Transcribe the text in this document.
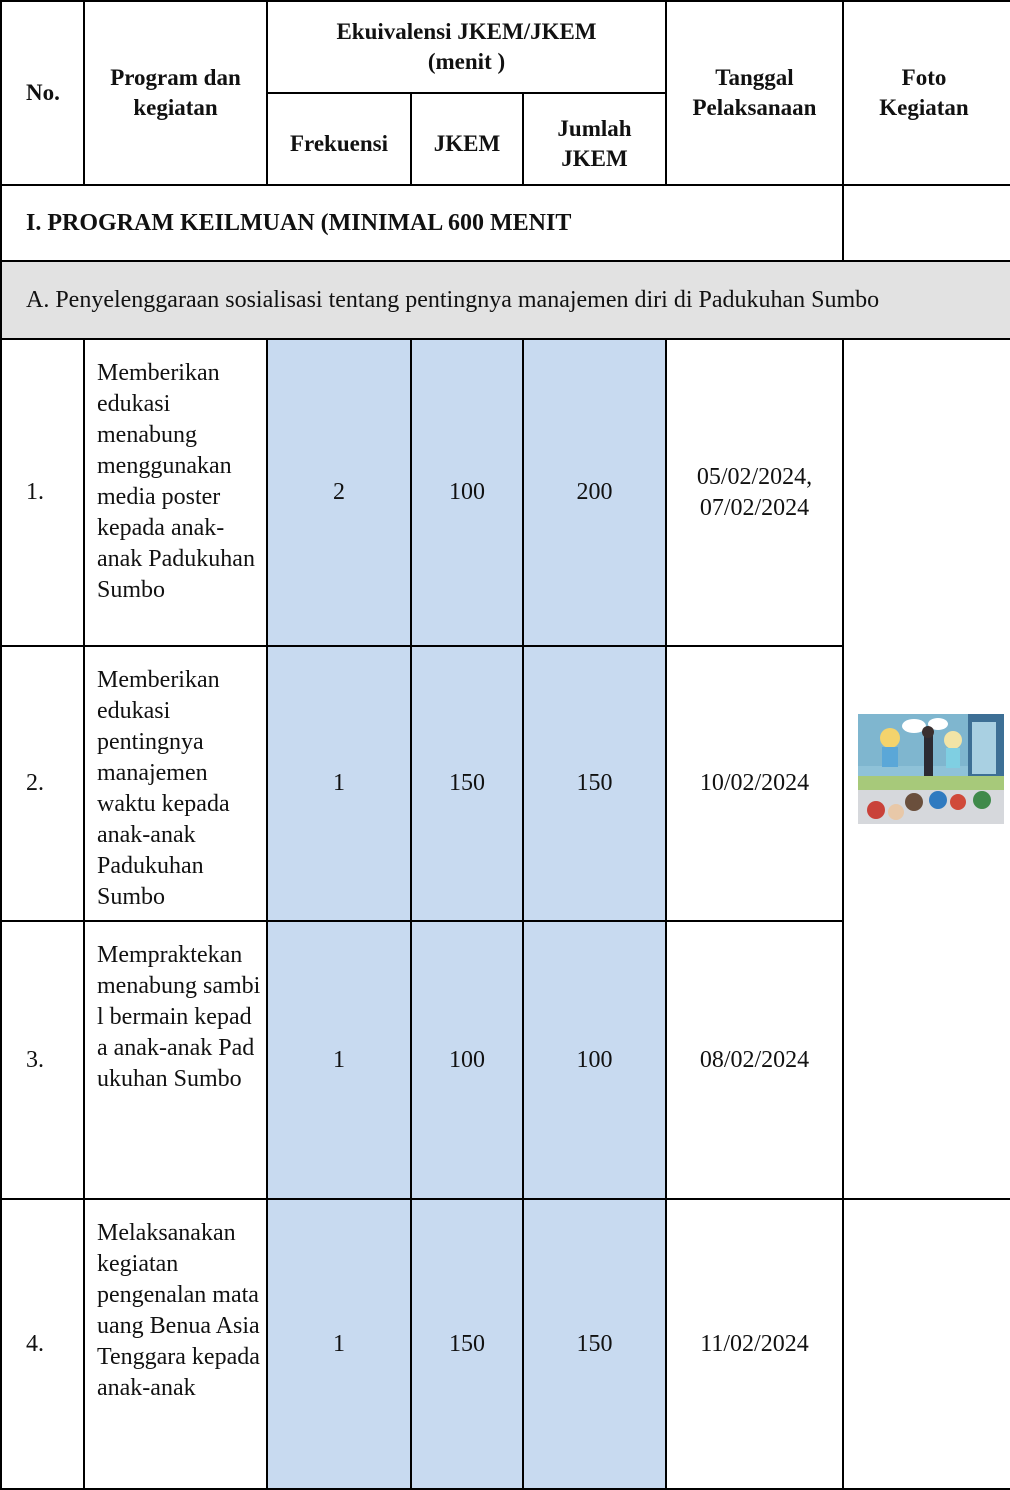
No.	Program dan kegiatan	Ekuivalensi JKEM/JKEM (menit )			Tanggal Pelaksanaan	Foto Kegiatan

		Frekuensi	JKEM	Jumlah JKEM		

I. PROGRAM KEILMUAN (MINIMAL 600 MENIT						
A. Penyelenggaraan sosialisasi tentang pentingnya manajemen diri di Padukuhan Sumbo						
1.	Memberikan edukasi menabung menggunakan media poster kepada anak-anak Padukuhan Sumbo	2	100	200	05/02/2024, 07/02/2024

2.	Memberikan edukasi pentingnya manajemen waktu kepada anak-anak Padukuhan Sumbo	1	150	150	10/02/2024	
3.	Mempraktekan menabung sambil bermain kepada anak-anak Padukuhan Sumbo	1	100	100	08/02/2024	
4.	Melaksanakan kegiatan pengenalan mata uang Benua Asia Tenggara kepada anak-anak	1	150	150	11/02/2024	
